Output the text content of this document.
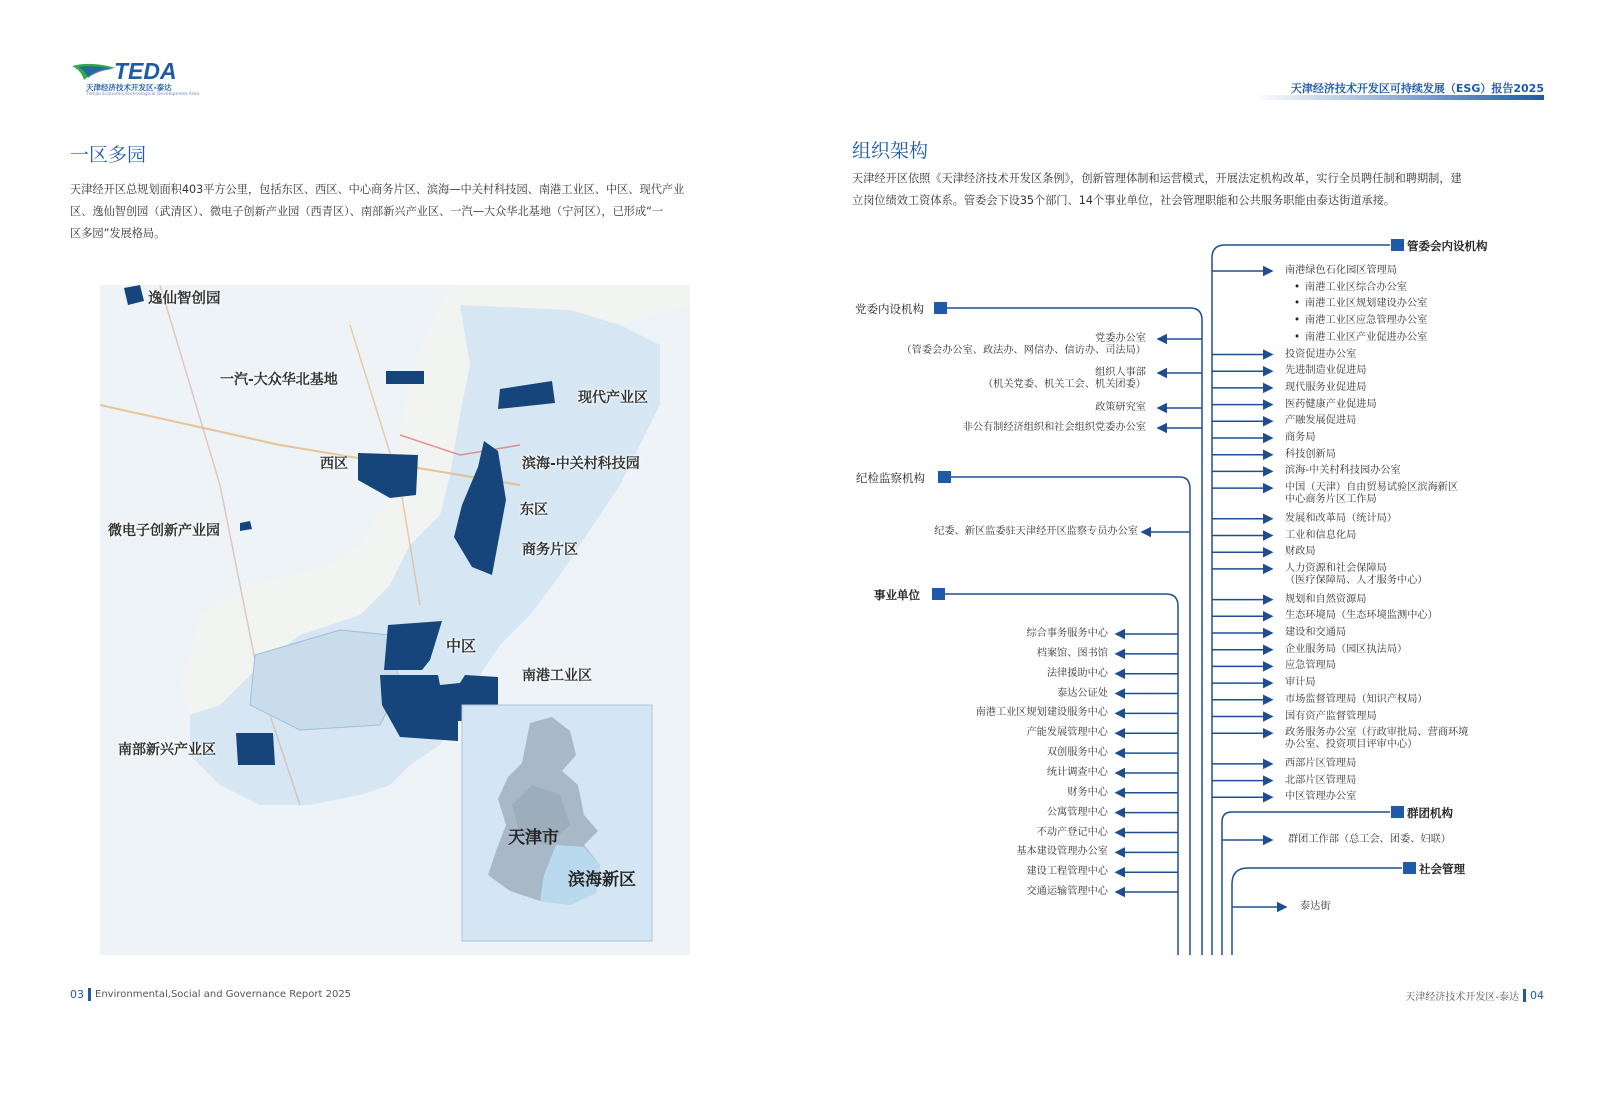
TEDA
天津经济技术开发区-泰达
Tianjin Economic-Technological Development Area	天津经济技术开发区可持续发展（ESG）报告2025
一区多园
天津经开区总规划面积403平方公里，包括东区、西区、中心商务片区、滨海—中关村科技园、南港工业区、中区、现代产业
区、逸仙智创园（武清区）、微电子创新产业园（西青区）、南部新兴产业区、一汽—大众华北基地（宁河区），已形成“一
区多园”发展格局。
逸仙智创园
一汽-大众华北基地
现代产业区
西区	滨海-中关村科技园
东区
商务片区
微电子创新产业园
中区
南港工业区
南部新兴产业区
天津市
滨海新区
组织架构
天津经开区依照《天津经济技术开发区条例》，创新管理体制和运营模式，开展法定机构改革，实行全员聘任制和聘期制，建
立岗位绩效工资体系。管委会下设35个部门、14个事业单位，社会管理职能和公共服务职能由泰达街道承接。
管委会内设机构
党委内设机构
纪检监察机构
事业单位
群团机构
社会管理
党委办公室
（管委会办公室、政法办、网信办、信访办、司法局）
组织人事部
（机关党委、机关工会、机关团委）
政策研究室
非公有制经济组织和社会组织党委办公室
纪委、新区监委驻天津经开区监察专员办公室
综合事务服务中心
档案馆、图书馆
法律援助中心
泰达公证处
南港工业区规划建设服务中心
产能发展管理中心
双创服务中心
统计调查中心
财务中心
公寓管理中心
不动产登记中心
基本建设管理办公室
建设工程管理中心
交通运输管理中心
南港绿色石化园区管理局
• 南港工业区综合办公室
• 南港工业区规划建设办公室
• 南港工业区应急管理办公室
• 南港工业区产业促进办公室
投资促进办公室
先进制造业促进局
现代服务业促进局
医药健康产业促进局
产融发展促进局
商务局
科技创新局
滨海-中关村科技园办公室
中国（天津）自由贸易试验区滨海新区
中心商务片区工作局
发展和改革局（统计局）
工业和信息化局
财政局
人力资源和社会保障局
（医疗保障局、人才服务中心）
规划和自然资源局
生态环境局（生态环境监测中心）
建设和交通局
企业服务局（园区执法局）
应急管理局
审计局
市场监督管理局（知识产权局）
国有资产监督管理局
政务服务办公室（行政审批局、营商环境
办公室、投资项目评审中心）
西部片区管理局
北部片区管理局
中区管理办公室
群团工作部（总工会、团委、妇联）
泰达街
03 Environmental,Social and Governance Report 2025	天津经济技术开发区-泰达 04
